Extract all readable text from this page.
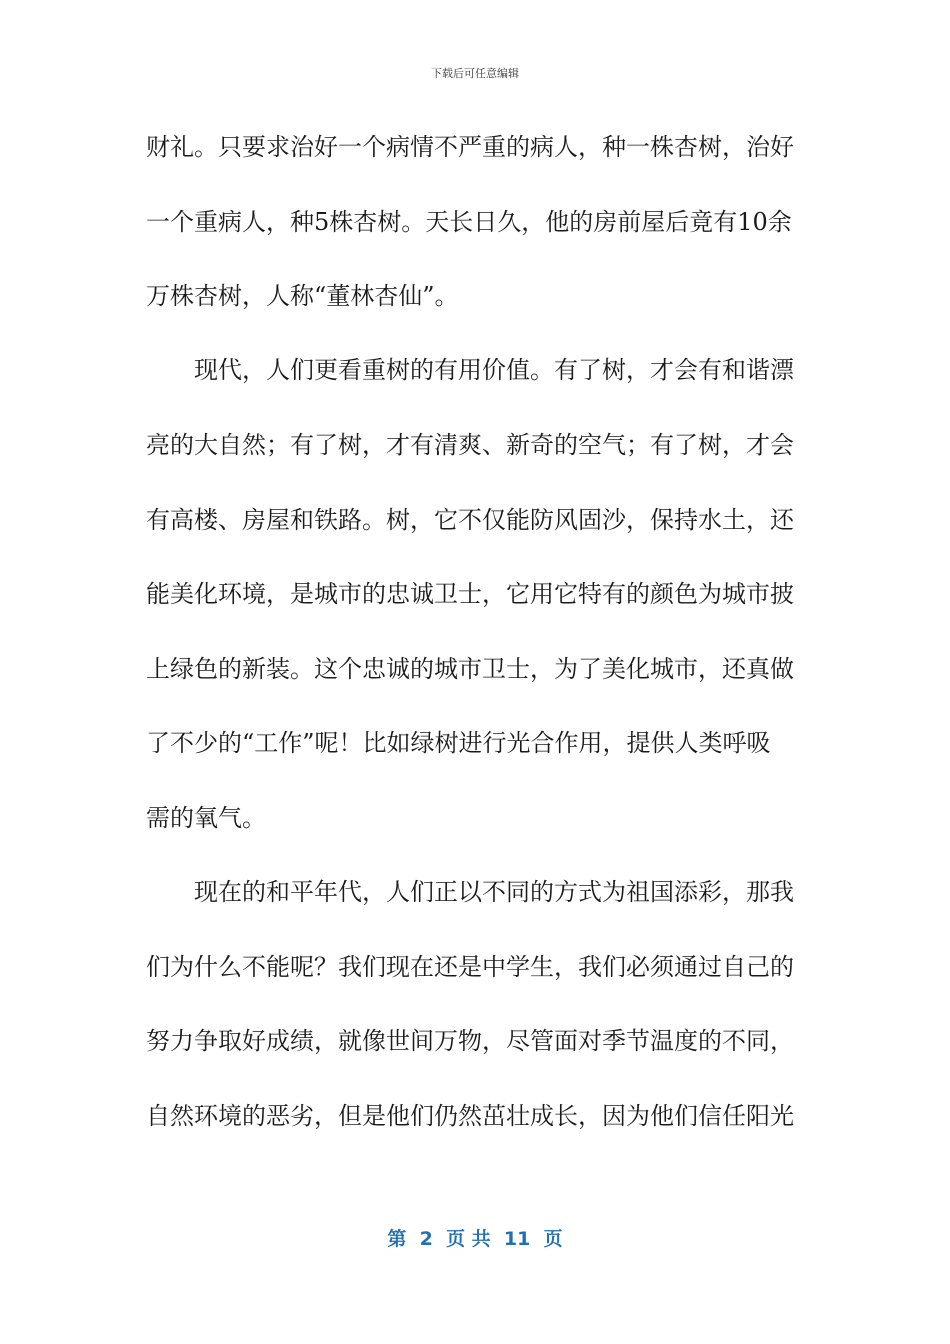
下载后可任意编辑
财礼。只要求治好一个病情不严重的病人，种一株杏树，治好
一个重病人，种5株杏树。天长日久，他的房前屋后竟有10余
万株杏树，人称“董林杏仙”。
　　现代，人们更看重树的有用价值。有了树，才会有和谐漂
亮的大自然；有了树，才有清爽、新奇的空气；有了树，才会
有高楼、房屋和铁路。树，它不仅能防风固沙，保持水土，还
能美化环境，是城市的忠诚卫士，它用它特有的颜色为城市披
上绿色的新装。这个忠诚的城市卫士，为了美化城市，还真做
了不少的“工作”呢！比如绿树进行光合作用，提供人类呼吸
需的氧气。
　　现在的和平年代，人们正以不同的方式为祖国添彩，那我
们为什么不能呢？我们现在还是中学生，我们必须通过自己的
努力争取好成绩，就像世间万物，尽管面对季节温度的不同，
自然环境的恶劣，但是他们仍然茁壮成长，因为他们信任阳光
第  2  页 共  11  页
